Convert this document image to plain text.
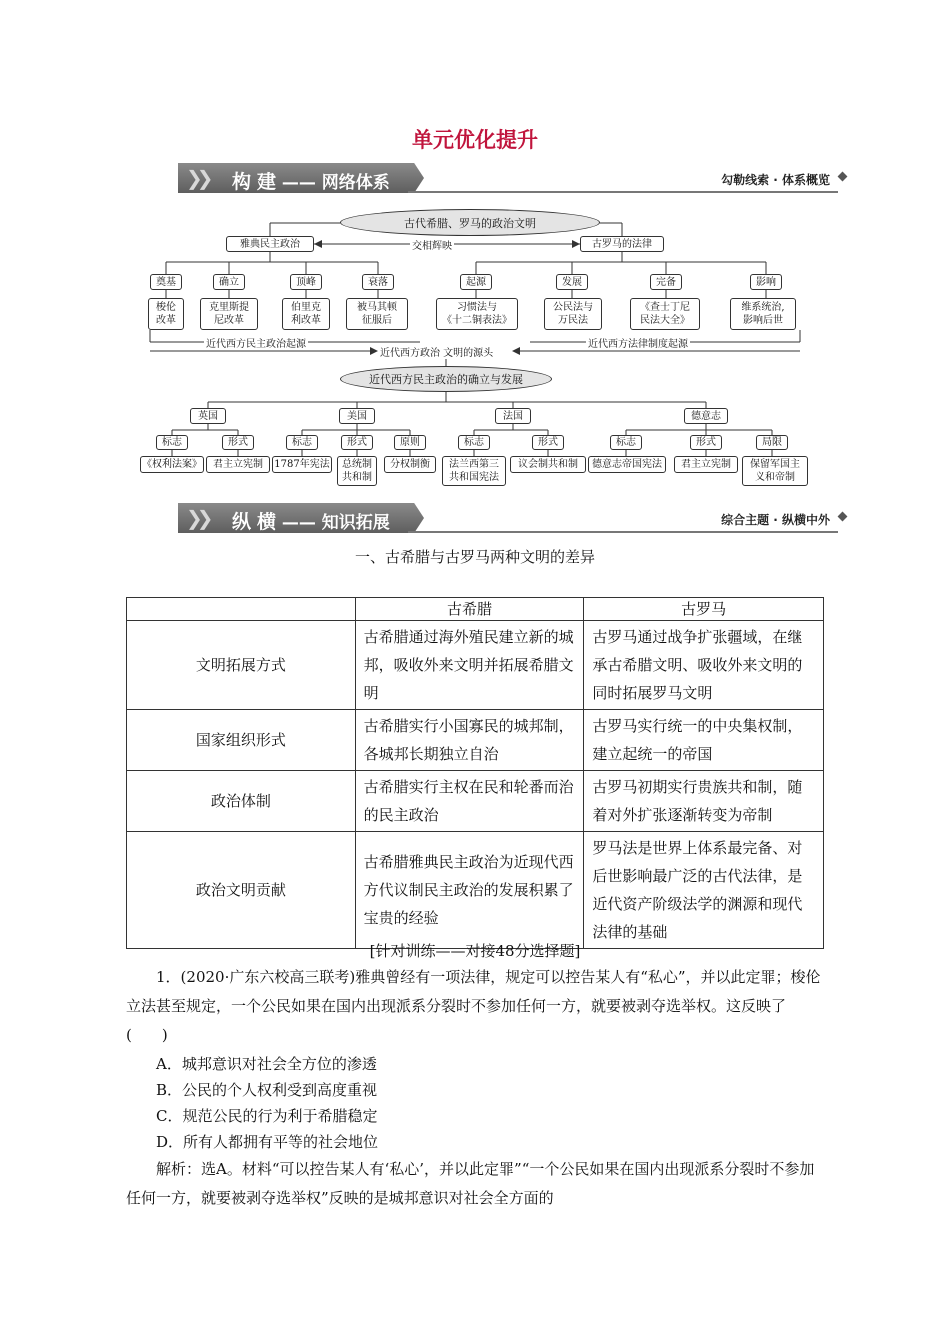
单元优化提升
❯❯ 构 建 —— 网络体系	勾勒线索 · 体系概览
古代希腊、罗马的政治文明
雅典民主政治	交相辉映	古罗马的法律
奠基	确立	顶峰	衰落
梭伦
改革
克里斯提
尼改革
伯里克
利改革
被马其顿
征服后
起源	发展	完备	影响
习惯法与
《十二铜表法》
公民法与
万民法
《查士丁尼
民法大全》
维系统治,
影响后世
近代西方民主政治起源
近代西方政治 文明的源头
近代西方法律制度起源
近代西方民主政治的确立与发展
英国	美国	法国	德意志
标志	形式
《权利法案》	君主立宪制
标志	形式	原则
1787年宪法	总统制
共和制
分权制衡
标志	形式
法兰西第三
共和国宪法
议会制共和制
标志	形式	局限
德意志帝国宪法	君主立宪制	保留军国主
义和帝制
❯❯ 纵 横 —— 知识拓展	综合主题 · 纵横中外
一、古希腊与古罗马两种文明的差异
	古希腊	古罗马
文明拓展方式	古希腊通过海外殖民建立新的城邦，吸收外来文明并拓展希腊文明	古罗马通过战争扩张疆域，在继承古希腊文明、吸收外来文明的同时拓展罗马文明
国家组织形式	古希腊实行小国寡民的城邦制，各城邦长期独立自治	古罗马实行统一的中央集权制，建立起统一的帝国
政治体制	古希腊实行主权在民和轮番而治的民主政治	古罗马初期实行贵族共和制，随着对外扩张逐渐转变为帝制
政治文明贡献	古希腊雅典民主政治为近现代西方代议制民主政治的发展积累了宝贵的经验	罗马法是世界上体系最完备、对后世影响最广泛的古代法律，是近代资产阶级法学的渊源和现代法律的基础
[针对训练——对接48分选择题]

1．(2020·广东六校高三联考)雅典曾经有一项法律，规定可以控告某人有“私心”，并以此定罪；梭伦立法甚至规定，一个公民如果在国内出现派系分裂时不参加任何一方，就要被剥夺选举权。这反映了(　　)

A．城邦意识对社会全方位的渗透

B．公民的个人权利受到高度重视

C．规范公民的行为利于希腊稳定

D．所有人都拥有平等的社会地位

解析：选A。材料“可以控告某人有‘私心’，并以此定罪”“一个公民如果在国内出现派系分裂时不参加任何一方，就要被剥夺选举权”反映的是城邦意识对社会全方面的
